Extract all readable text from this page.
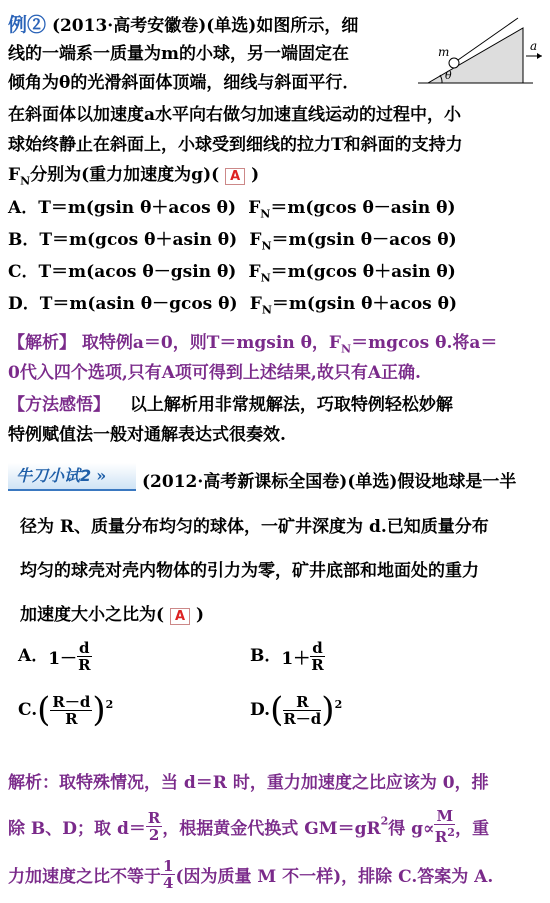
例② (2013·高考安徽卷)(单选)如图所示，细
线的一端系一质量为m的小球，另一端固定在
倾角为θ的光滑斜面体顶端，细线与斜面平行．
m
θ
a
在斜面体以加速度a水平向右做匀加速直线运动的过程中，小
球始终静止在斜面上，小球受到细线的拉力T和斜面的支持力
$F_N$分别为(重力加速度为g)( A )
A．T＝m(gsin θ＋acos θ) $F_N=m(gcos$ θ－asin θ)
B．T＝m(gcos θ＋asin θ) $F_N=m(gsin$ θ－acos θ)
C．T＝m(acos θ－gsin θ) $F_N=m(gcos$ θ＋asin θ)
D．T＝m(asin θ－gcos θ) $F_N=m(gsin$ θ＋acos θ)
【解析】 取特例a＝0，则T＝mgsin θ，$F_N=mgcos$ θ.将a＝
0代入四个选项,只有A项可得到上述结果,故只有A正确.
【方法感悟】 以上解析用非常规解法，巧取特例轻松妙解
特例赋值法一般对通解表达式很奏效.
牛刀小试2 »	(2012·高考新课标全国卷)(单选)假设地球是一半
径为 R、质量分布均匀的球体，一矿井深度为 d.已知质量分布
均匀的球壳对壳内物体的引力为零，矿井底部和地面处的重力
加速度大小之比为( A )
A．$1- \frac{d}{R}$	B．$1+ \frac{d}{R}$
$C.( \frac{R-d}{R} )^2$	$D.( \frac{R}{R-d} )^2$
解析：取特殊情况，当 d＝R 时，重力加速度之比应该为 0，排
除 B、D；取 $d= \frac{R}{2}$ ，根据黄金代换式 $GM=gR^2$得 $g\propto \frac{M}{R^2}$ ，重
力加速度之比不等于 $\frac{1}{4}$ (因为质量 M 不一样)，排除 C.答案为 A.
